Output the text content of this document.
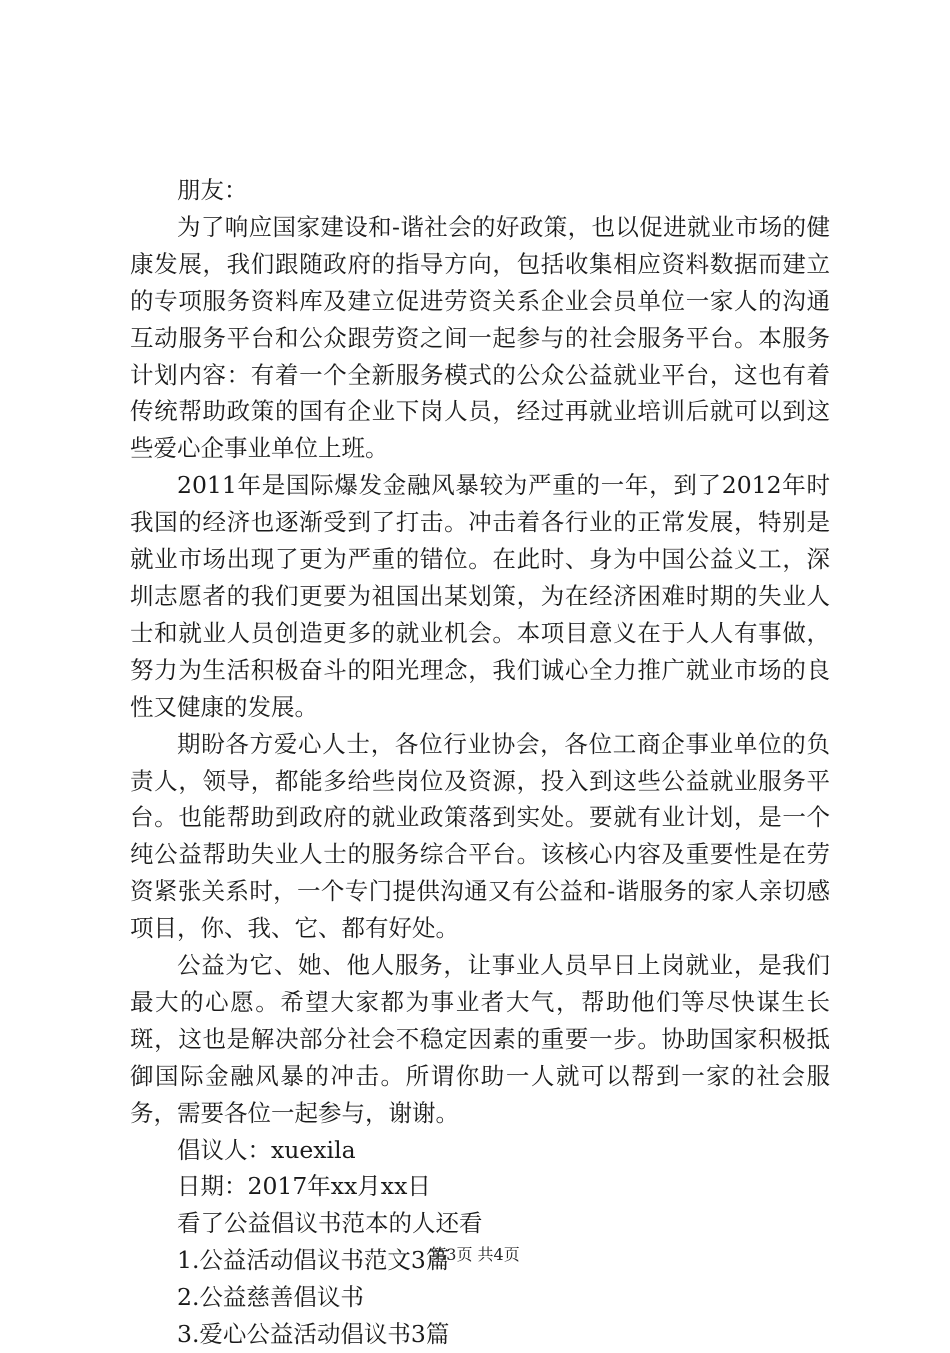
朋友：

为了响应国家建设和-谐社会的好政策，也以促进就业市场的健康发展，我们跟随政府的指导方向，包括收集相应资料数据而建立的专项服务资料库及建立促进劳资关系企业会员单位一家人的沟通互动服务平台和公众跟劳资之间一起参与的社会服务平台。本服务计划内容：有着一个全新服务模式的公众公益就业平台，这也有着传统帮助政策的国有企业下岗人员，经过再就业培训后就可以到这些爱心企事业单位上班。

2011年是国际爆发金融风暴较为严重的一年，到了2012年时我国的经济也逐渐受到了打击。冲击着各行业的正常发展，特别是就业市场出现了更为严重的错位。在此时、身为中国公益义工，深圳志愿者的我们更要为祖国出某划策，为在经济困难时期的失业人士和就业人员创造更多的就业机会。本项目意义在于人人有事做，努力为生活积极奋斗的阳光理念，我们诚心全力推广就业市场的良性又健康的发展。

期盼各方爱心人士，各位行业协会，各位工商企事业单位的负责人，领导，都能多给些岗位及资源，投入到这些公益就业服务平台。也能帮助到政府的就业政策落到实处。要就有业计划，是一个纯公益帮助失业人士的服务综合平台。该核心内容及重要性是在劳资紧张关系时，一个专门提供沟通又有公益和-谐服务的家人亲切感项目，你、我、它、都有好处。

公益为它、她、他人服务，让事业人员早日上岗就业，是我们最大的心愿。希望大家都为事业者大气，帮助他们等尽快谋生长斑，这也是解决部分社会不稳定因素的重要一步。协助国家积极抵御国际金融风暴的冲击。所谓你助一人就可以帮到一家的社会服务，需要各位一起参与，谢谢。

倡议人：xuexila

日期：2017年xx月xx日

看了公益倡议书范本的人还看

1.公益活动倡议书范文3篇

2.公益慈善倡议书

3.爱心公益活动倡议书3篇

第3页 共4页
